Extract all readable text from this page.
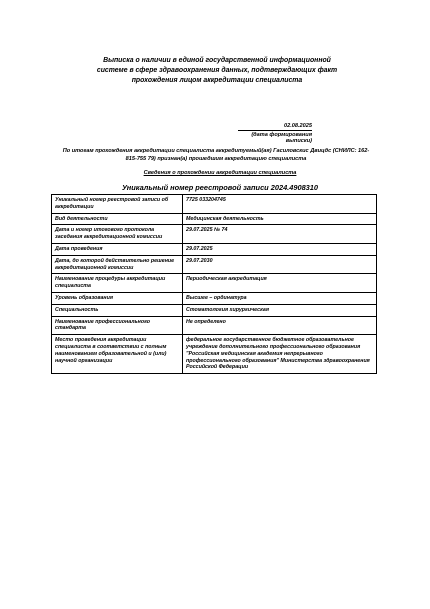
Выписка о наличии в единой государственной информационной
системе в сфере здравоохранения данных, подтверждающих факт
прохождения лицом аккредитации специалиста
02.08.2025
(дата формирования выписки)
По итогам прохождения аккредитации специалиста аккредитуемый(ая) Гасиловскис Двицдс (СНИЛС: 162-815-755 79) признан(а) прошедшим аккредитацию специалиста
Сведения о прохождении аккредитации специалиста
Уникальный номер реестровой записи 2024.4908310
Уникальный номер реестровой записи об аккредитации	7725 033204745
Вид деятельности	Медицинская деятельность
Дата и номер итогового протокола заседания аккредитационной комиссии	29.07.2025 № 74
Дата проведения	29.07.2025
Дата, до которой действительно решение аккредитационной комиссии	29.07.2030
Наименование процедуры аккредитации специалиста	Периодическая аккредитация
Уровень образования	Высшее – ординатура
Специальность	Стоматология хирургическая
Наименование профессионального стандарта	Не определено
Место проведения аккредитации специалиста в соответствии с полным наименованием образовательной и (или) научной организации	федеральное государственное бюджетное образовательное учреждение дополнительного профессионального образования "Российская медицинская академия непрерывного профессионального образования" Министерства здравоохранения Российской Федерации
